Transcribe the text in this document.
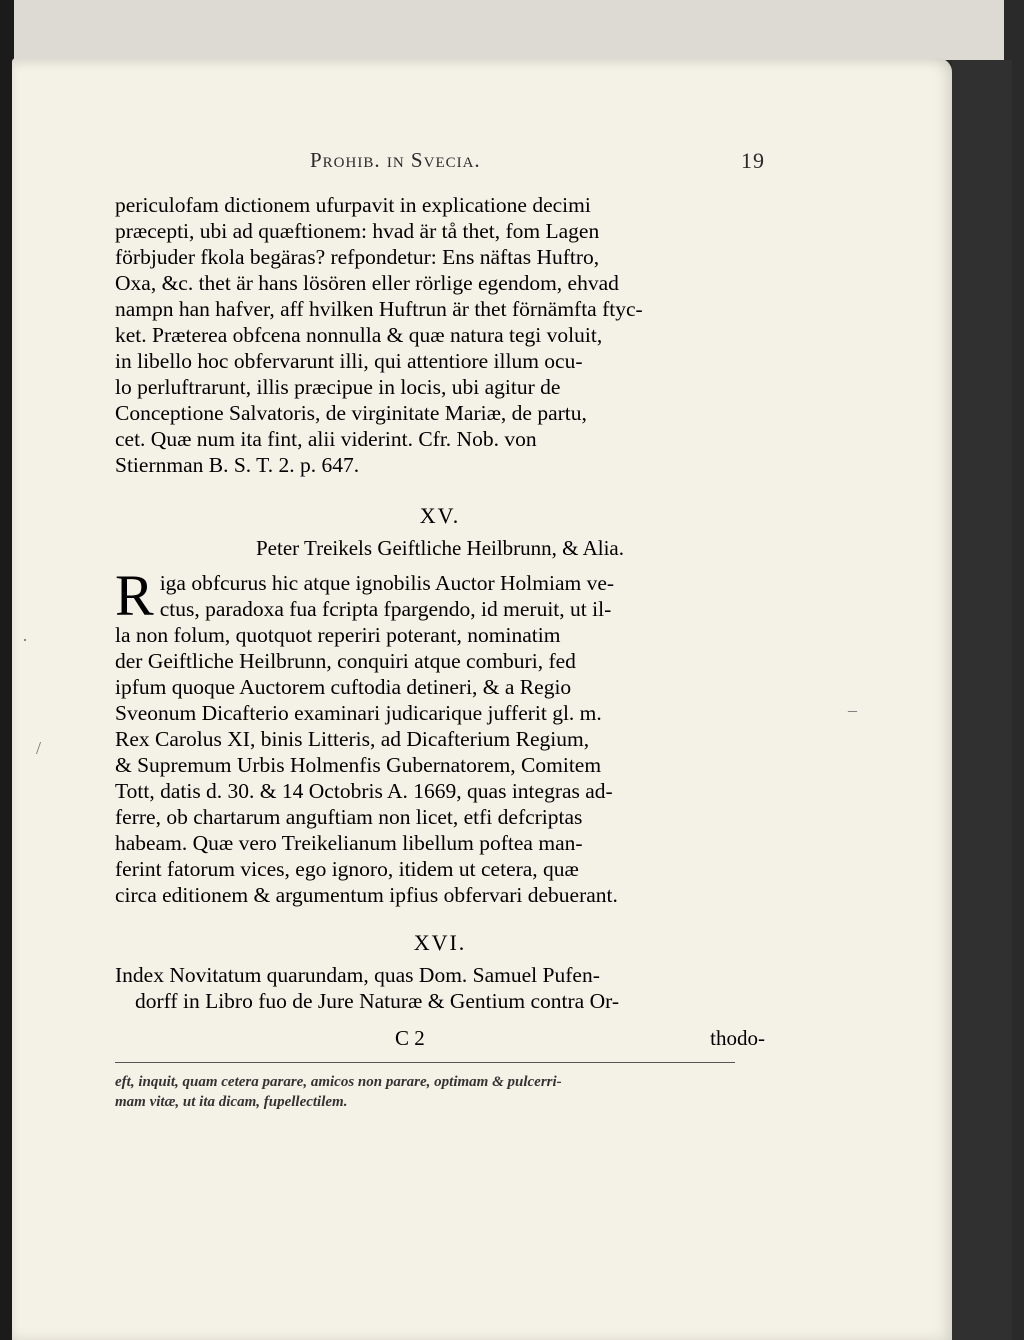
Prohib. in Svecia.	19

periculofam dictionem ufurpavit in explicatione decimi

præcepti, ubi ad quæftionem: hvad är tå thet, fom Lagen

förbjuder fkola begäras? refpondetur: Ens näftas Huftro,

Oxa, &c. thet är hans lösören eller rörlige egendom, ehvad

nampn han hafver, aff hvilken Huftrun är thet förnämfta ftyc-

ket. Præterea obfcena nonnulla & quæ natura tegi voluit,

in libello hoc obfervarunt illi, qui attentiore illum ocu-

lo perluftrarunt, illis præcipue in locis, ubi agitur de

Conceptione Salvatoris, de virginitate Mariæ, de partu,

cet. Quæ num ita fint, alii viderint. Cfr. Nob. von

Stiernman B. S. T. 2. p. 647.

XV.
Peter Treikels Geiftliche Heilbrunn, & Alia.
R iga obfcurus hic atque ignobilis Auctor Holmiam ve-

ctus, paradoxa fua fcripta fpargendo, id meruit, ut il-

la non folum, quotquot reperiri poterant, nominatim

der Geiftliche Heilbrunn, conquiri atque comburi, fed

ipfum quoque Auctorem cuftodia detineri, & a Regio

Sveonum Dicafterio examinari judicarique jufferit gl. m.

Rex Carolus XI, binis Litteris, ad Dicafterium Regium,

& Supremum Urbis Holmenfis Gubernatorem, Comitem

Tott, datis d. 30. & 14 Octobris A. 1669, quas integras ad-

ferre, ob chartarum anguftiam non licet, etfi defcriptas

habeam. Quæ vero Treikelianum libellum poftea man-

ferint fatorum vices, ego ignoro, itidem ut cetera, quæ

circa editionem & argumentum ipfius obfervari debuerant.

XVI.

Index Novitatum quarundam, quas Dom. Samuel Pufen-

dorff in Libro fuo de Jure Naturæ & Gentium contra Or-

C 2	thodo-
eft, inquit, quam cetera parare, amicos non parare, optimam & pulcerri-
mam vitæ, ut ita dicam, fupellectilem.
·
/
–
